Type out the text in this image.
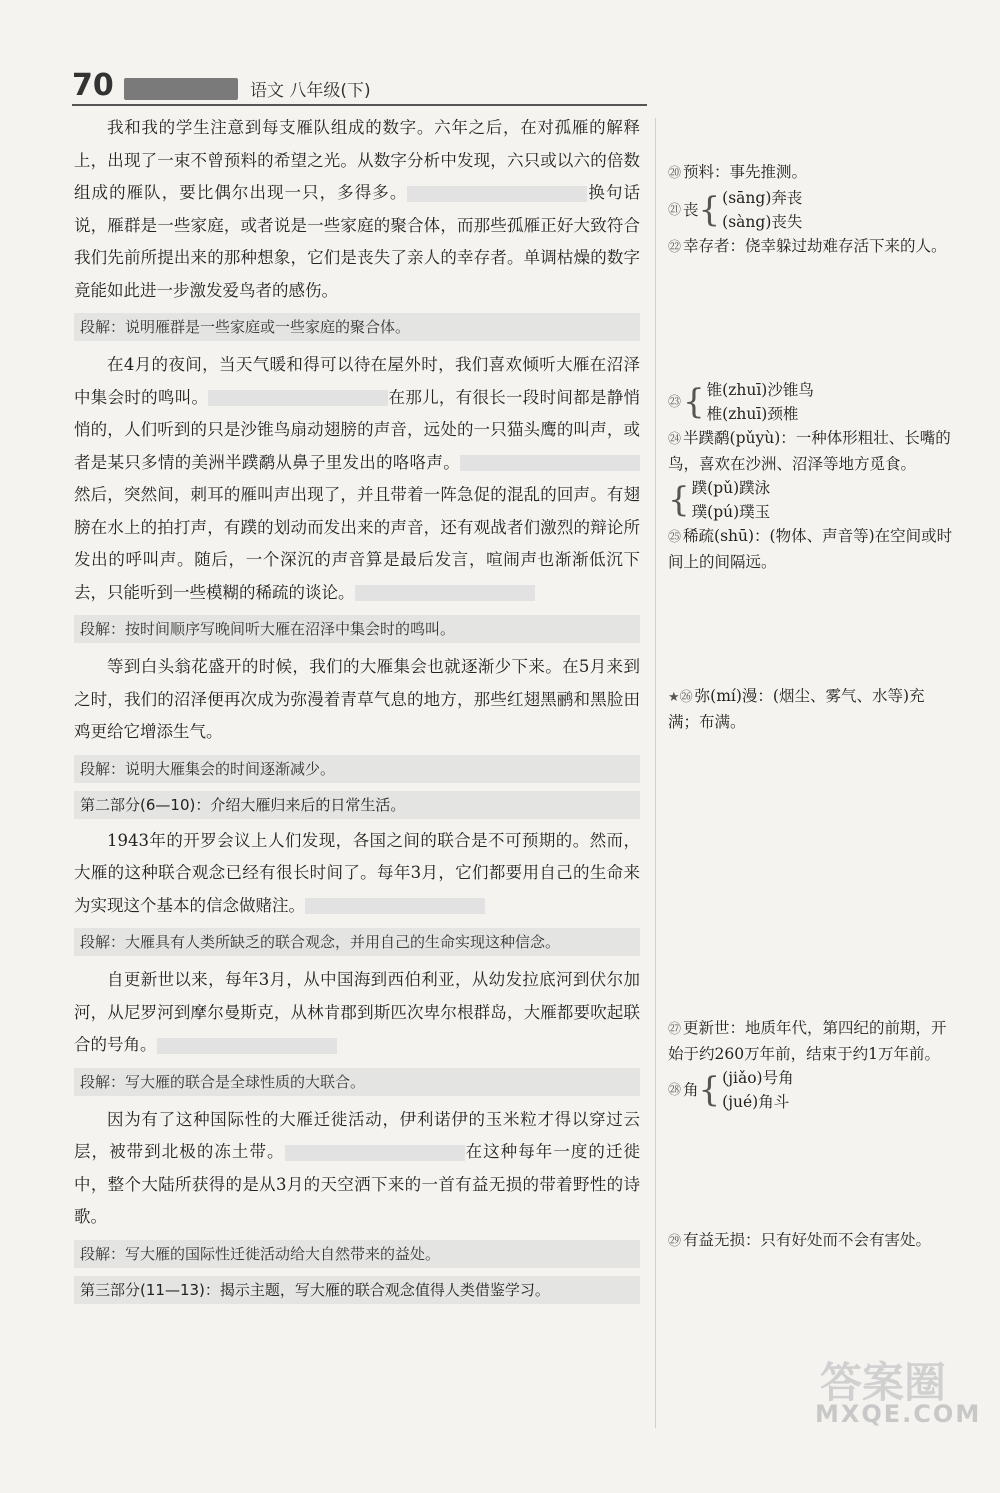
70	语文 八年级(下)

我和我的学生注意到每支雁队组成的数字。六年之后，在对孤雁的解释上，出现了一束不曾预料的希望之光。从数字分析中发现，六只或以六的倍数组成的雁队，要比偶尔出现一只，多得多。	换句话说，雁群是一些家庭，或者说是一些家庭的聚合体，而那些孤雁正好大致符合我们先前所提出来的那种想象，它们是丧失了亲人的幸存者。单调枯燥的数字竟能如此进一步激发爱鸟者的感伤。

段解：说明雁群是一些家庭或一些家庭的聚合体。

在4月的夜间，当天气暖和得可以待在屋外时，我们喜欢倾听大雁在沼泽中集会时的鸣叫。	在那儿，有很长一段时间都是静悄悄的，人们听到的只是沙锥鸟扇动翅膀的声音，远处的一只猫头鹰的叫声，或者是某只多情的美洲半蹼鹬从鼻子里发出的咯咯声。然后，突然间，刺耳的雁叫声出现了，并且带着一阵急促的混乱的回声。有翅膀在水上的拍打声，有蹼的划动而发出来的声音，还有观战者们激烈的辩论所发出的呼叫声。随后，一个深沉的声音算是最后发言，喧闹声也渐渐低沉下去，只能听到一些模糊的稀疏的谈论。

段解：按时间顺序写晚间听大雁在沼泽中集会时的鸣叫。

等到白头翁花盛开的时候，我们的大雁集会也就逐渐少下来。在5月来到之时，我们的沼泽便再次成为弥漫着青草气息的地方，那些红翅黑鹂和黑脸田鸡更给它增添生气。

段解：说明大雁集会的时间逐渐减少。
第二部分(6—10)：介绍大雁归来后的日常生活。

1943年的开罗会议上人们发现，各国之间的联合是不可预期的。然而，大雁的这种联合观念已经有很长时间了。每年3月，它们都要用自己的生命来为实现这个基本的信念做赌注。

段解：大雁具有人类所缺乏的联合观念，并用自己的生命实现这种信念。

自更新世以来，每年3月，从中国海到西伯利亚，从幼发拉底河到伏尔加河，从尼罗河到摩尔曼斯克，从林肯郡到斯匹次卑尔根群岛，大雁都要吹起联合的号角。

段解：写大雁的联合是全球性质的大联合。

因为有了这种国际性的大雁迁徙活动，伊利诺伊的玉米粒才得以穿过云层，被带到北极的冻土带。	在这种每年一度的迁徙中，整个大陆所获得的是从3月的天空洒下来的一首有益无损的带着野性的诗歌。

段解：写大雁的国际性迁徙活动给大自然带来的益处。
第三部分(11—13)：揭示主题，写大雁的联合观念值得人类借鉴学习。

⑳ 预料：事先推测。

㉑ 丧{ (sāng)奔丧
(sàng)丧失

㉒ 幸存者：侥幸躲过劫难存活下来的人。

㉓{ 锥(zhuī)沙锥鸟
椎(zhuī)颈椎

㉔ 半蹼鹬(pǔyù)：一种体形粗壮、长嘴的鸟，喜欢在沙洲、沼泽等地方觅食。

{ 蹼(pǔ)蹼泳
璞(pú)璞玉

㉕ 稀疏(shū)：(物体、声音等)在空间或时间上的间隔远。

★㉖ 弥(mí)漫：(烟尘、雾气、水等)充满；布满。

㉗ 更新世：地质年代，第四纪的前期，开始于约260万年前，结束于约1万年前。

㉘ 角{ (jiǎo)号角
(jué)角斗

㉙ 有益无损：只有好处而不会有害处。

答案圈
MXQE.COM
